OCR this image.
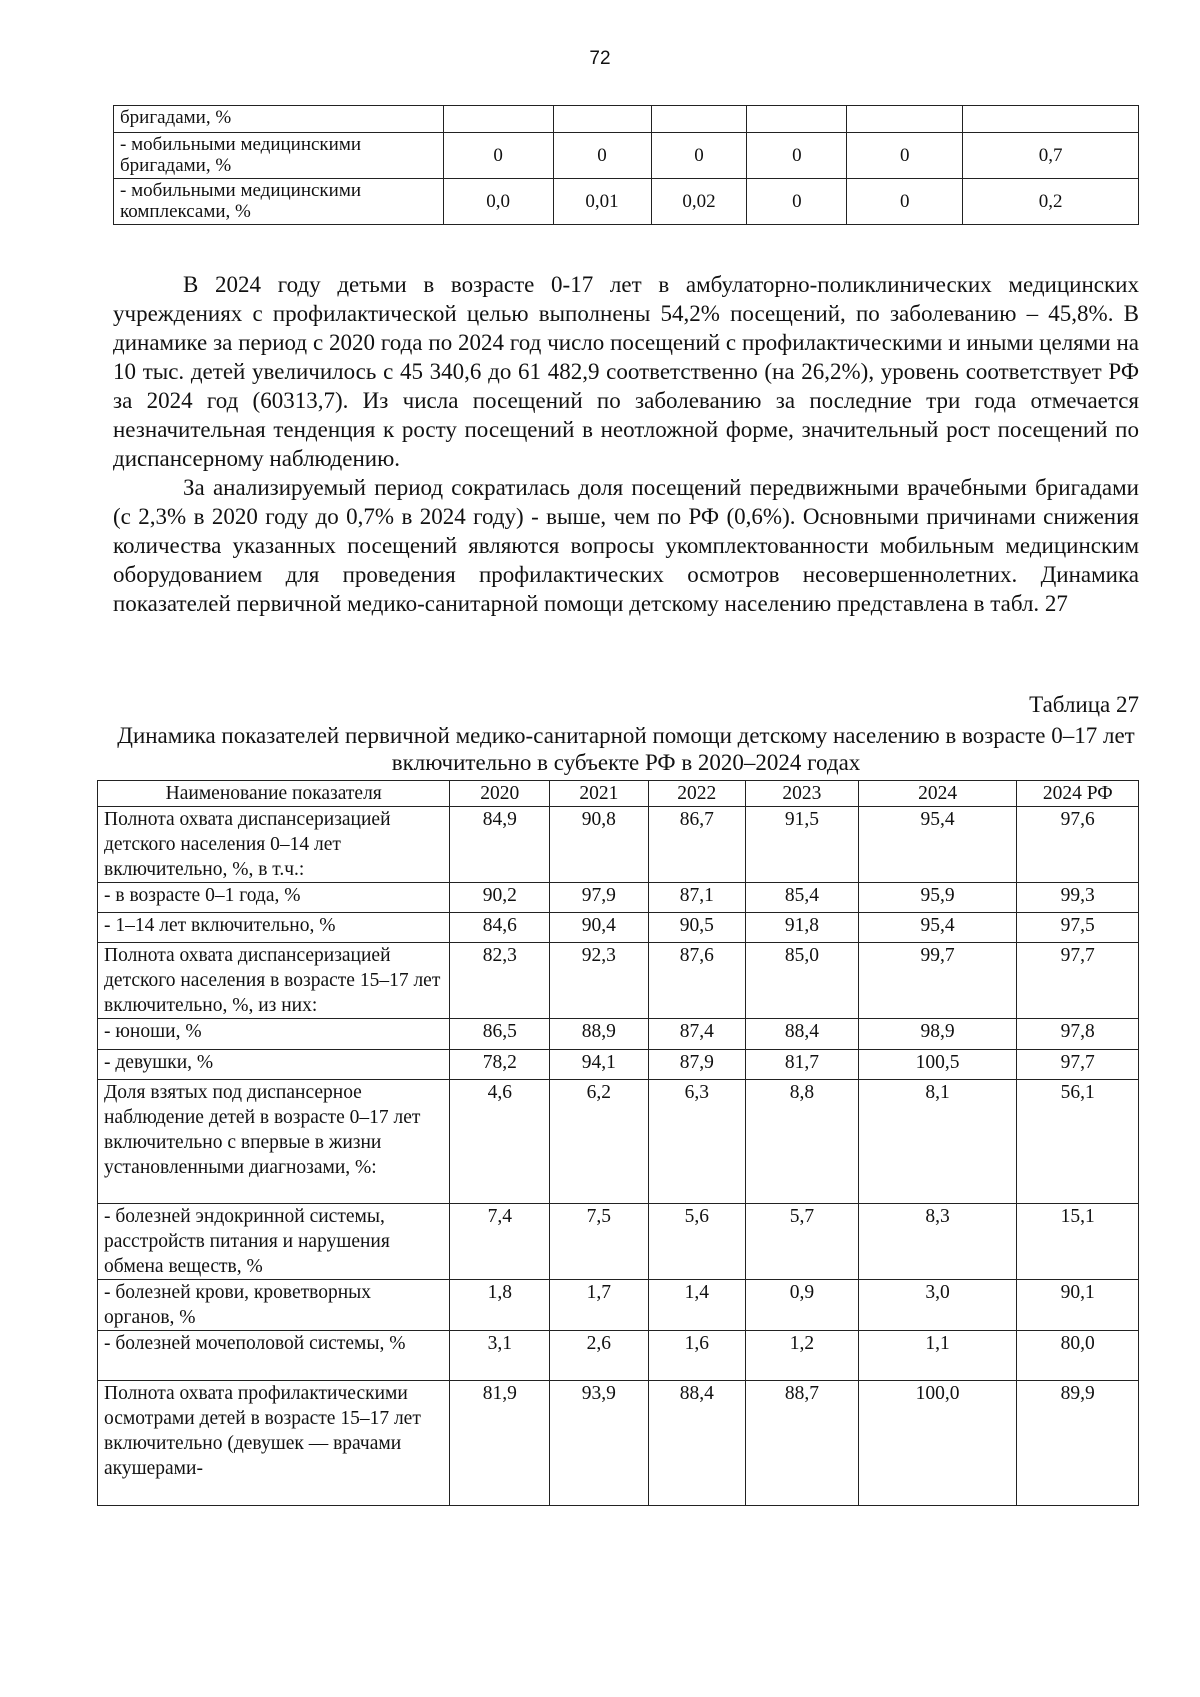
72
бригадами, %						
- мобильными медицинскими бригадами, %	0	0	0	0	0	0,7
- мобильными медицинскими комплексами, %	0,0	0,01	0,02	0	0	0,2

В 2024 году детьми в возрасте 0-17 лет в амбулаторно-поликлинических медицинских учреждениях с профилактической целью выполнены 54,2% посещений, по заболеванию – 45,8%. В динамике за период с 2020 года по 2024 год число посещений с профилактическими и иными целями на 10 тыс. детей увеличилось с 45 340,6 до 61 482,9 соответственно (на 26,2%), уровень соответствует РФ за 2024 год (60313,7). Из числа посещений по заболеванию за последние три года отмечается незначительная тенденция к росту посещений в неотложной форме, значительный рост посещений по диспансерному наблюдению.

За анализируемый период сократилась доля посещений передвижными врачебными бригадами (с 2,3% в 2020 году до 0,7% в 2024 году) - выше, чем по РФ (0,6%). Основными причинами снижения количества указанных посещений являются вопросы укомплектованности мобильным медицинским оборудованием для проведения профилактических осмотров несовершеннолетних. Динамика показателей первичной медико-санитарной помощи детскому населению представлена в табл. 27

Таблица 27
Динамика показателей первичной медико-санитарной помощи детскому населению в возрасте 0–17 лет включительно в субъекте РФ в 2020–2024 годах
Наименование показателя	2020	2021	2022	2023	2024	2024 РФ
Полнота охвата диспансеризацией детского населения 0–14 лет включительно, %, в т.ч.:	84,9	90,8	86,7	91,5	95,4	97,6
- в возрасте 0–1 года, %	90,2	97,9	87,1	85,4	95,9	99,3
- 1–14 лет включительно, %	84,6	90,4	90,5	91,8	95,4	97,5
Полнота охвата диспансеризацией детского населения в возрасте 15–17 лет включительно, %, из них:	82,3	92,3	87,6	85,0	99,7	97,7
- юноши, %	86,5	88,9	87,4	88,4	98,9	97,8
- девушки, %	78,2	94,1	87,9	81,7	100,5	97,7
Доля взятых под диспансерное наблюдение детей в возрасте 0–17 лет включительно с впервые в жизни установленными диагнозами, %:	4,6	6,2	6,3	8,8	8,1	56,1
- болезней эндокринной системы, расстройств питания и нарушения обмена веществ, %	7,4	7,5	5,6	5,7	8,3	15,1
- болезней крови, кроветворных органов, %	1,8	1,7	1,4	0,9	3,0	90,1
- болезней мочеполовой системы, %	3,1	2,6	1,6	1,2	1,1	80,0
Полнота охвата профилактическими осмотрами детей в возрасте 15–17 лет включительно (девушек — врачами акушерами-	81,9	93,9	88,4	88,7	100,0	89,9
